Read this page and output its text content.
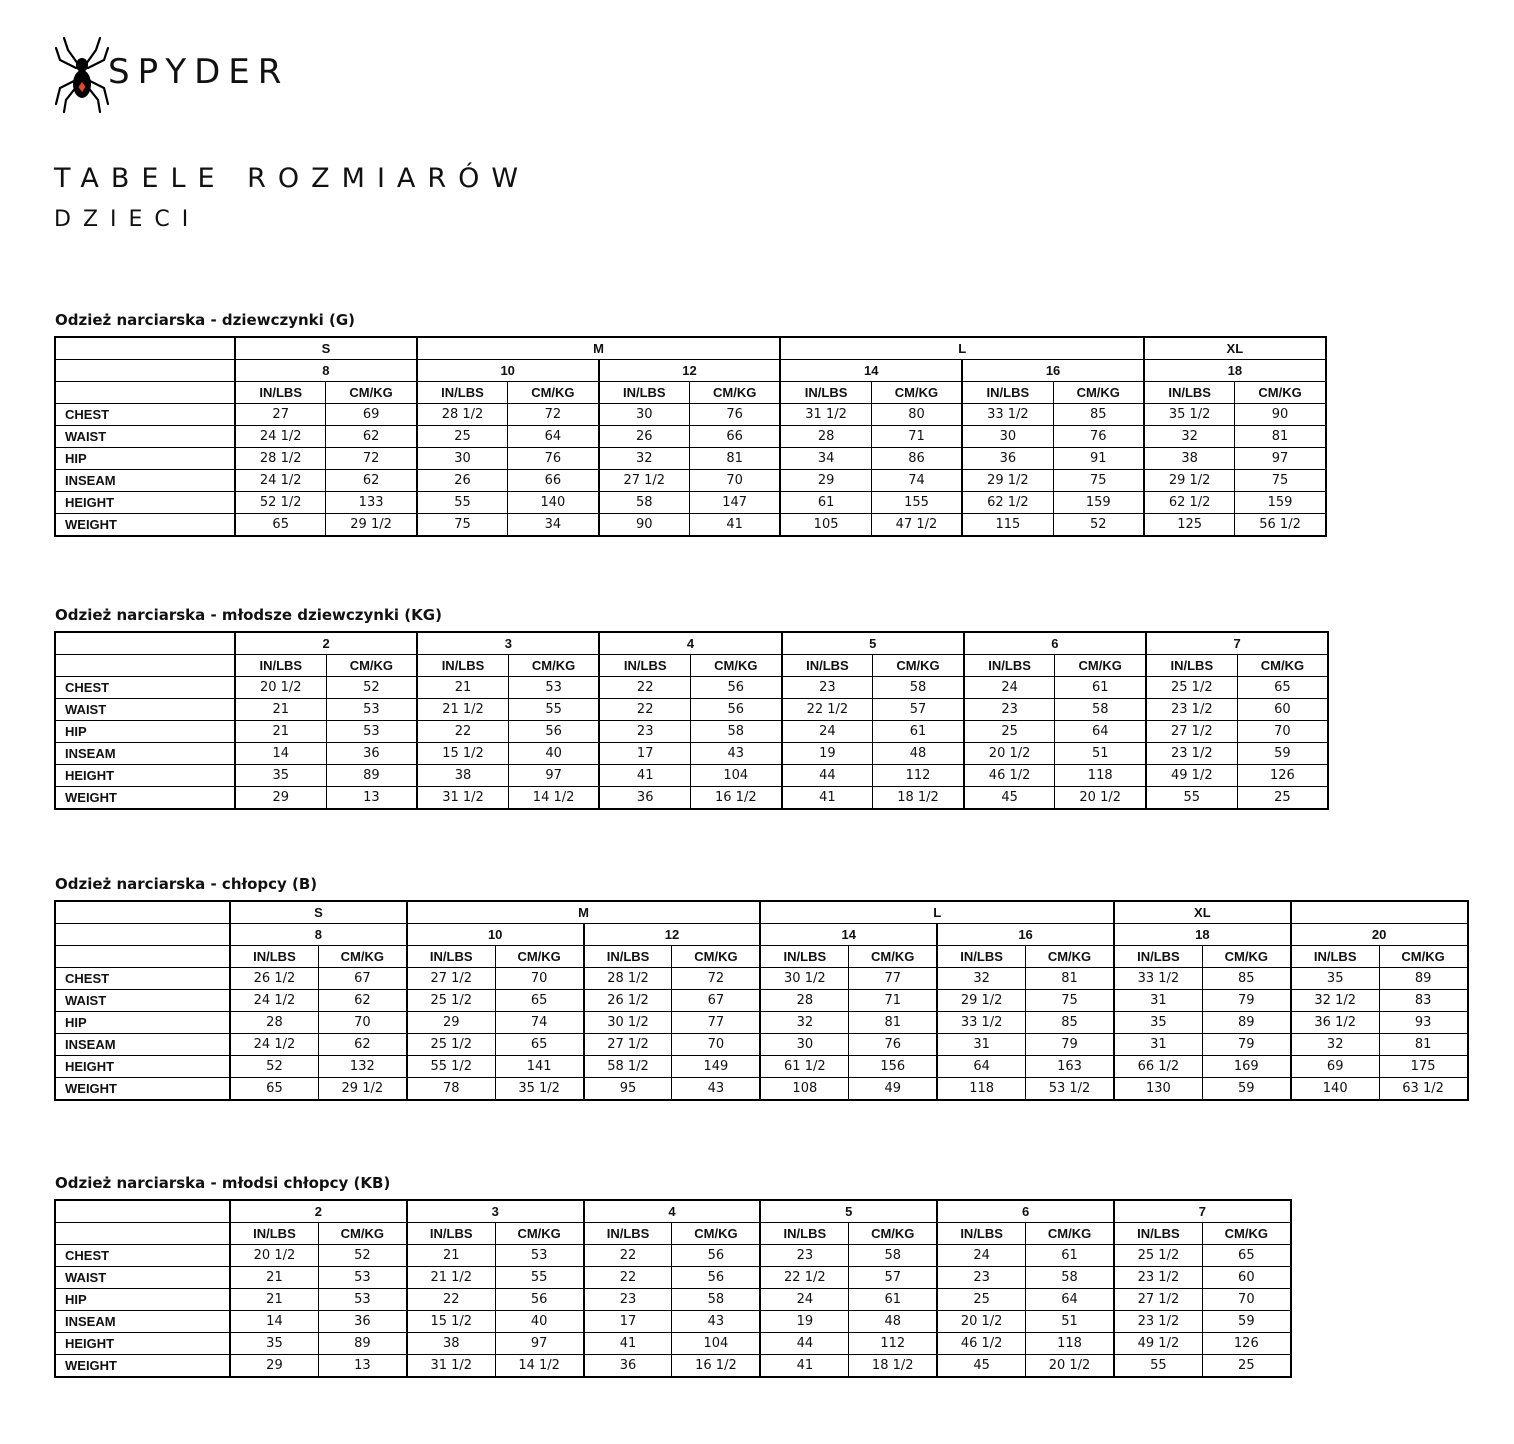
SPYDER
TABELE ROZMIARÓW
DZIECI
Odzież narciarska - dziewczynki (G)
	S		M				L				XL	
	8		10		12		14		16		18	
	IN/LBS	CM/KG	IN/LBS	CM/KG	IN/LBS	CM/KG	IN/LBS	CM/KG	IN/LBS	CM/KG	IN/LBS	CM/KG
CHEST	27	69	28 1/2	72	30	76	31 1/2	80	33 1/2	85	35 1/2	90
WAIST	24 1/2	62	25	64	26	66	28	71	30	76	32	81
HIP	28 1/2	72	30	76	32	81	34	86	36	91	38	97
INSEAM	24 1/2	62	26	66	27 1/2	70	29	74	29 1/2	75	29 1/2	75
HEIGHT	52 1/2	133	55	140	58	147	61	155	62 1/2	159	62 1/2	159
WEIGHT	65	29 1/2	75	34	90	41	105	47 1/2	115	52	125	56 1/2
Odzież narciarska - młodsze dziewczynki (KG)
	2		3		4		5		6		7	
	IN/LBS	CM/KG	IN/LBS	CM/KG	IN/LBS	CM/KG	IN/LBS	CM/KG	IN/LBS	CM/KG	IN/LBS	CM/KG
CHEST	20 1/2	52	21	53	22	56	23	58	24	61	25 1/2	65
WAIST	21	53	21 1/2	55	22	56	22 1/2	57	23	58	23 1/2	60
HIP	21	53	22	56	23	58	24	61	25	64	27 1/2	70
INSEAM	14	36	15 1/2	40	17	43	19	48	20 1/2	51	23 1/2	59
HEIGHT	35	89	38	97	41	104	44	112	46 1/2	118	49 1/2	126
WEIGHT	29	13	31 1/2	14 1/2	36	16 1/2	41	18 1/2	45	20 1/2	55	25
Odzież narciarska - chłopcy (B)
	S		M				L				XL			
	8		10		12		14		16		18		20	
	IN/LBS	CM/KG	IN/LBS	CM/KG	IN/LBS	CM/KG	IN/LBS	CM/KG	IN/LBS	CM/KG	IN/LBS	CM/KG	IN/LBS	CM/KG
CHEST	26 1/2	67	27 1/2	70	28 1/2	72	30 1/2	77	32	81	33 1/2	85	35	89
WAIST	24 1/2	62	25 1/2	65	26 1/2	67	28	71	29 1/2	75	31	79	32 1/2	83
HIP	28	70	29	74	30 1/2	77	32	81	33 1/2	85	35	89	36 1/2	93
INSEAM	24 1/2	62	25 1/2	65	27 1/2	70	30	76	31	79	31	79	32	81
HEIGHT	52	132	55 1/2	141	58 1/2	149	61 1/2	156	64	163	66 1/2	169	69	175
WEIGHT	65	29 1/2	78	35 1/2	95	43	108	49	118	53 1/2	130	59	140	63 1/2
Odzież narciarska - młodsi chłopcy (KB)
	2		3		4		5		6		7	
	IN/LBS	CM/KG	IN/LBS	CM/KG	IN/LBS	CM/KG	IN/LBS	CM/KG	IN/LBS	CM/KG	IN/LBS	CM/KG
CHEST	20 1/2	52	21	53	22	56	23	58	24	61	25 1/2	65
WAIST	21	53	21 1/2	55	22	56	22 1/2	57	23	58	23 1/2	60
HIP	21	53	22	56	23	58	24	61	25	64	27 1/2	70
INSEAM	14	36	15 1/2	40	17	43	19	48	20 1/2	51	23 1/2	59
HEIGHT	35	89	38	97	41	104	44	112	46 1/2	118	49 1/2	126
WEIGHT	29	13	31 1/2	14 1/2	36	16 1/2	41	18 1/2	45	20 1/2	55	25
